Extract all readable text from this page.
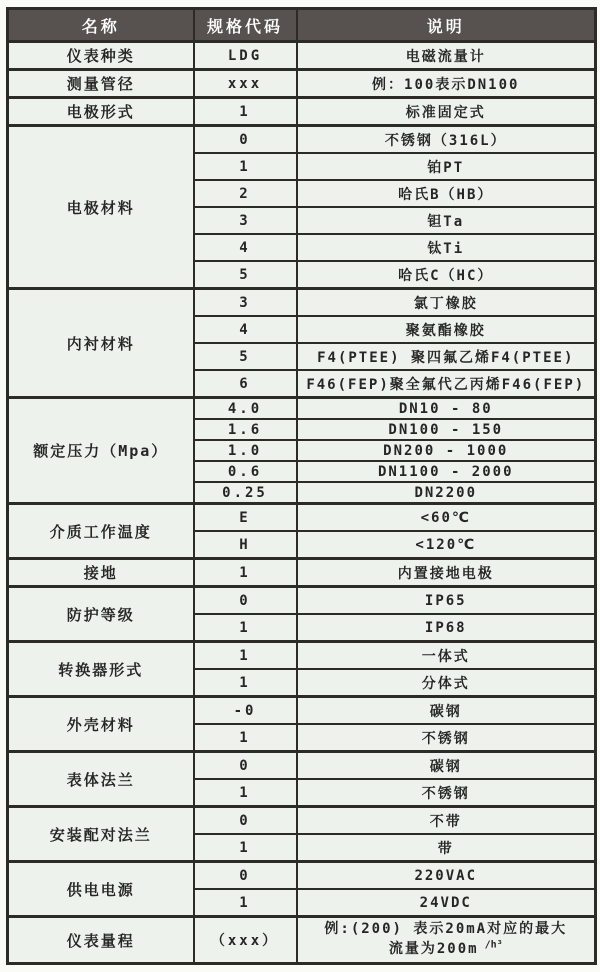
名称	规格代码	说明
仪表种类	LDG	电磁流量计
测量管径	xxx	例：100表示DN100
电极形式	1	标准固定式
电极材料	0	不锈钢（316L）
	1	铂PT
	2	哈氏B（HB）
	3	钽Ta
	4	钛Ti
	5	哈氏C（HC）
内衬材料	3	氯丁橡胶
	4	聚氨酯橡胶
	5	F4(PTEE) 聚四氟乙烯F4(PTEE)
	6	F46(FEP)聚全氟代乙丙烯F46(FEP)
额定压力（Mpa）	4.0	DN10 - 80
	1.6	DN100 - 150
	1.0	DN200 - 1000
	0.6	DN1100 - 2000
	0.25	DN2200
介质工作温度	E	<60℃
	H	<120℃
接地	1	内置接地电极
防护等级	0	IP65
	1	IP68
转换器形式	1	一体式
	1	分体式
外壳材料	-0	碳钢
	1	不锈钢
表体法兰	0	碳钢
	1	不锈钢
安装配对法兰	0	不带
	1	带
供电电源	0	220VAC
	1	24VDC
仪表量程	（xxx）	例:(200) 表示20mA对应的最大
流量为200m $^{/h^3}$
